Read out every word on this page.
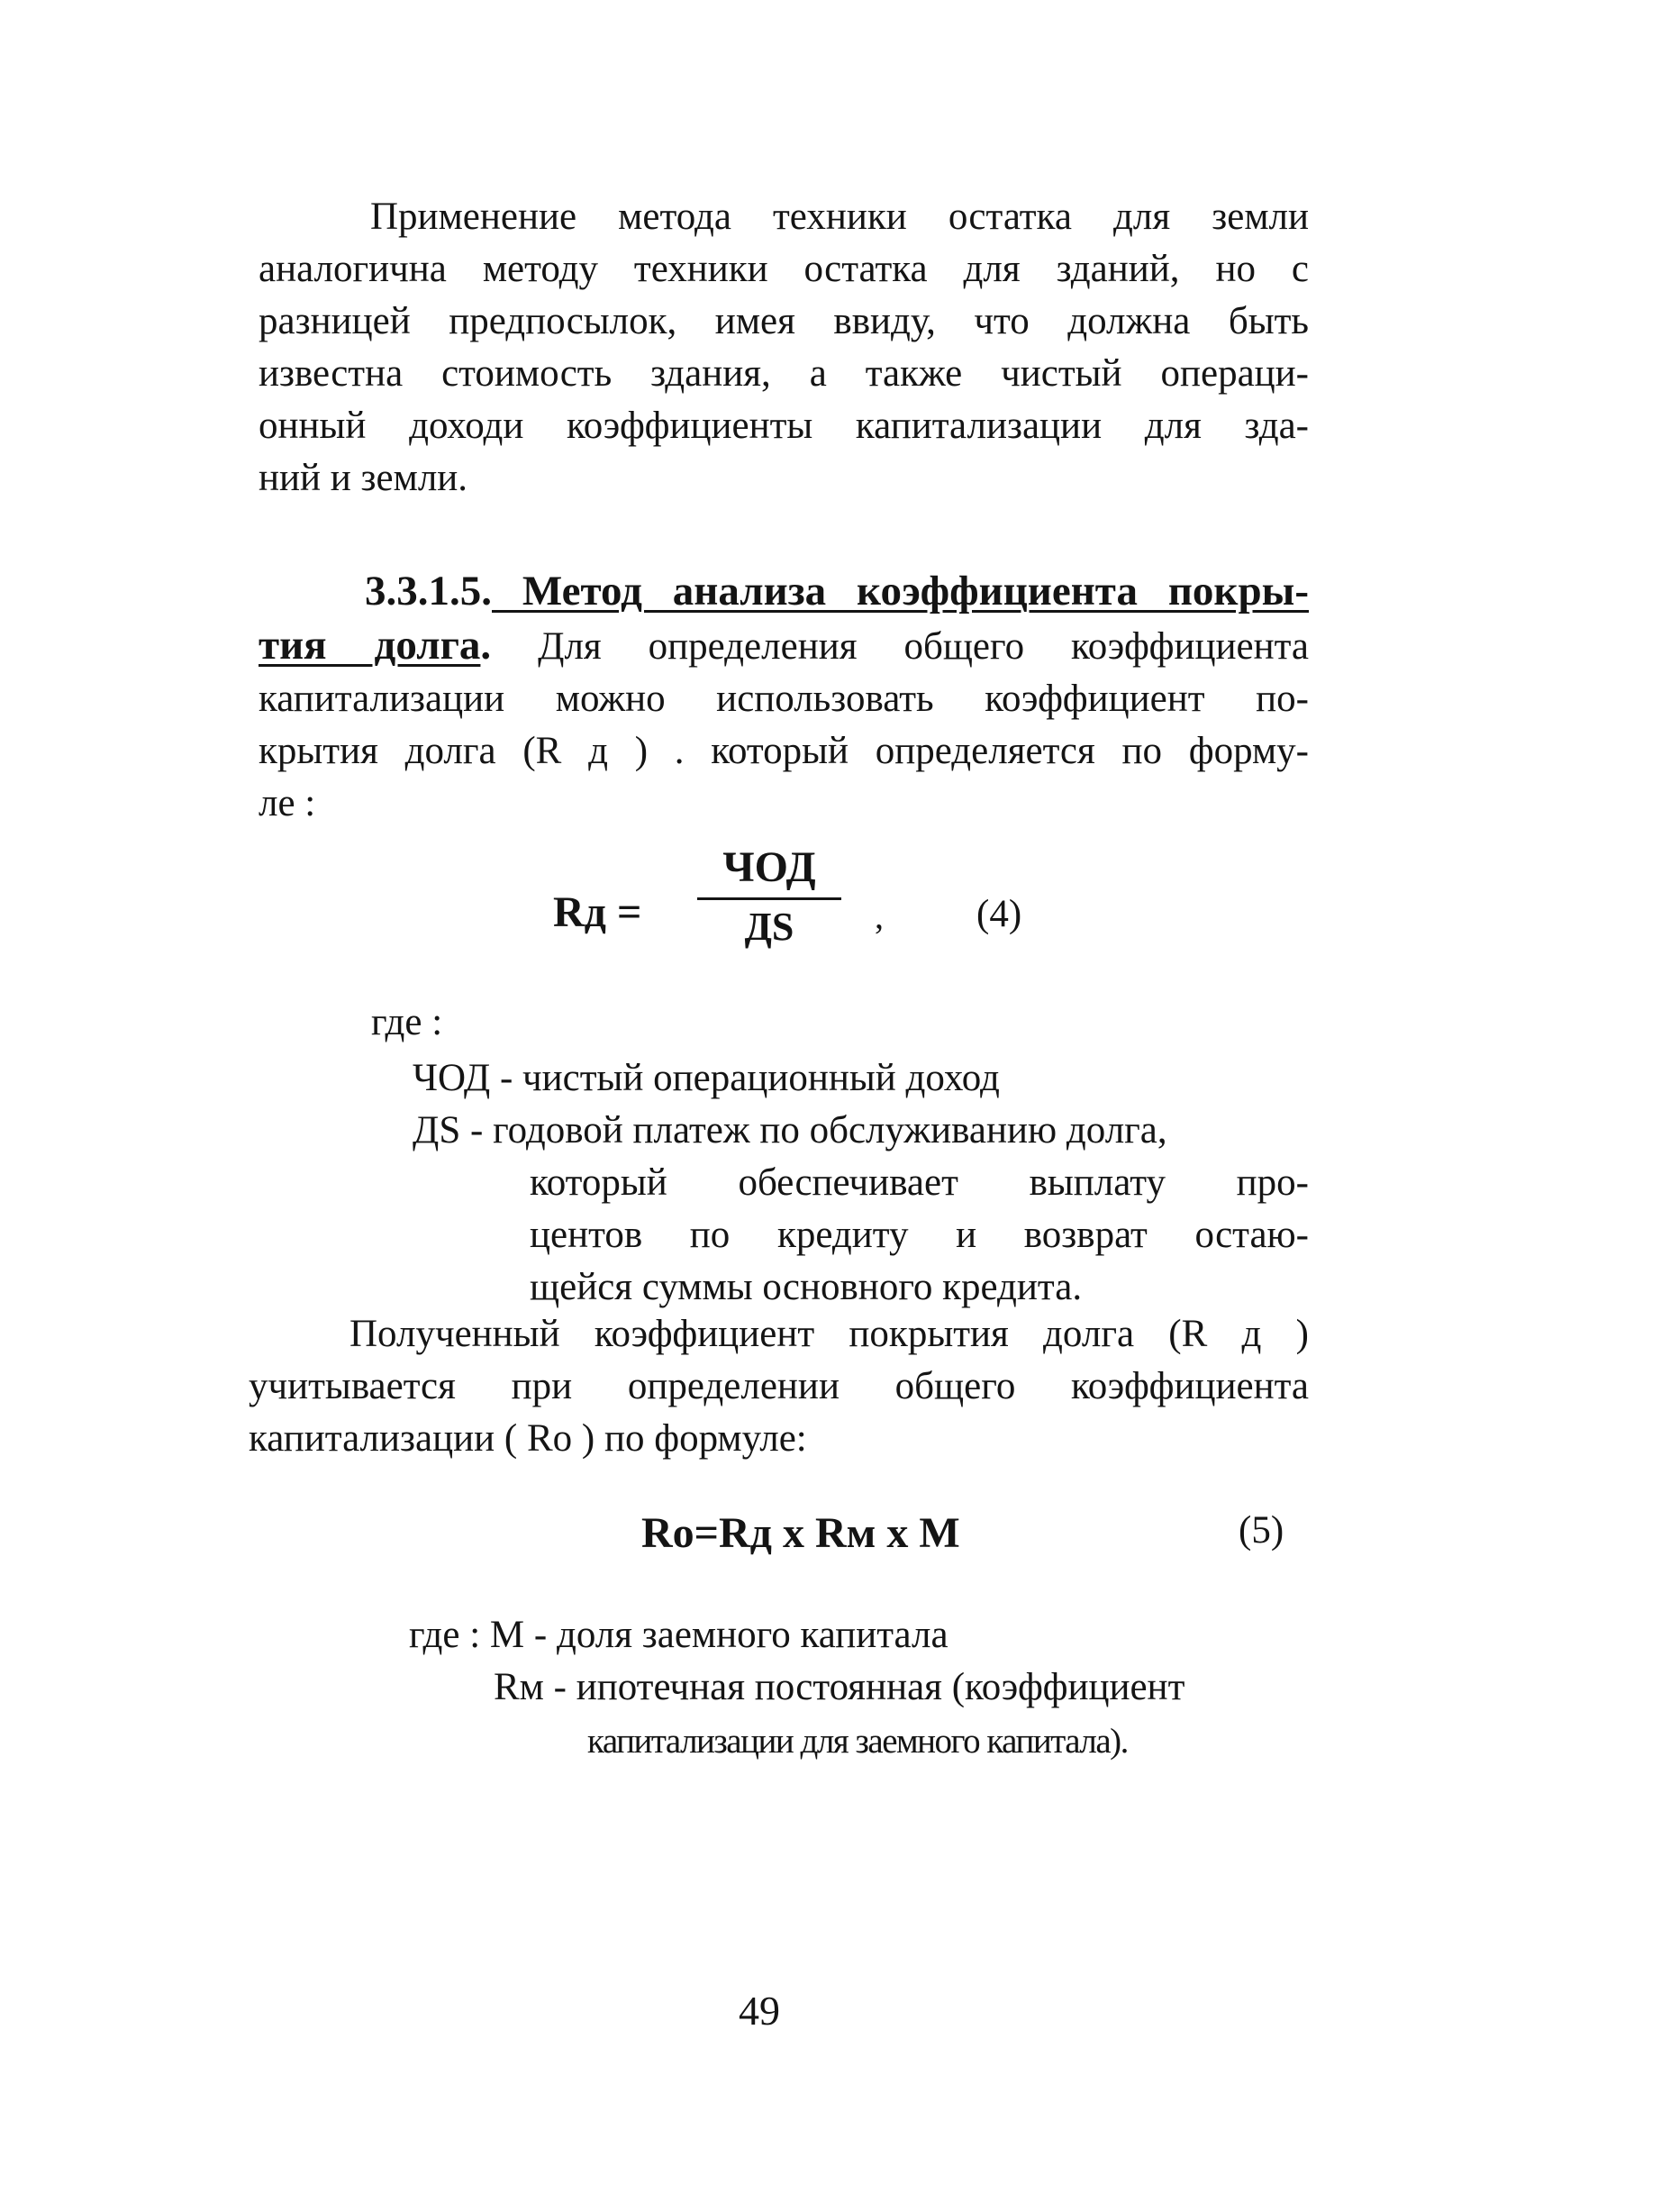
Применение метода техники остатка для земли
аналогична методу техники остатка для зданий, но с
разницей предпосылок, имея ввиду, что должна быть
известна стоимость здания, а также чистый операци-
онный доходи коэффициенты капитализации для зда-
ний и земли.
3.3.1.5. Метод анализа коэффициента покры-
тия долга. Для определения общего коэффициента
капитализации можно использовать коэффициент по-
крытия долга (R д ) . который определяется по форму-
ле :
Rд =
ЧОД
ДS	, (4)
где :
ЧОД - чистый операционный доход
ДS - годовой платеж по обслуживанию долга,
который обеспечивает выплату про-
центов по кредиту и возврат остаю-
щейся суммы основного кредита.
Полученный коэффициент покрытия долга (R д )
учитывается при определении общего коэффициента
капитализации ( Ro ) по формуле:
Ro=Rд x Rм x M	(5)
где : М - доля заемного капитала
Rм - ипотечная постоянная (коэффициент
капитализации для заемного капитала).
49
